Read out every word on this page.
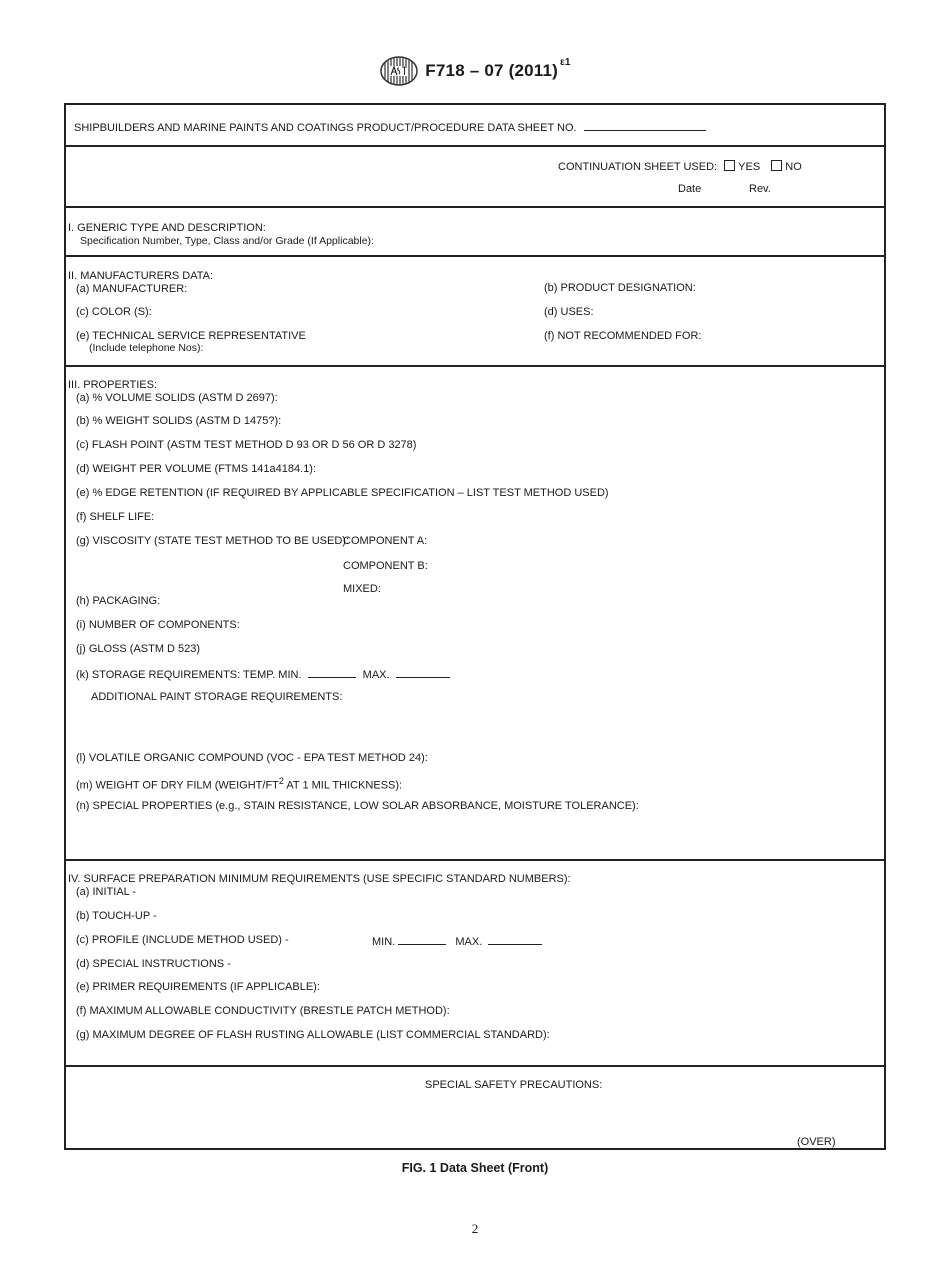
F718 – 07 (2011) $^{\varepsilon 1}$
SHIPBUILDERS AND MARINE PAINTS AND COATINGS PRODUCT/PROCEDURE DATA SHEET NO.
CONTINUATION SHEET USED: YES NO
Date	Rev.
I. GENERIC TYPE AND DESCRIPTION:
Specification Number, Type, Class and/or Grade (If Applicable):
II. MANUFACTURERS DATA:
(a) MANUFACTURER:	(b) PRODUCT DESIGNATION:
(c) COLOR (S):	(d) USES:
(e) TECHNICAL SERVICE REPRESENTATIVE
(Include telephone Nos):
(f) NOT RECOMMENDED FOR:
III. PROPERTIES:
(a) % VOLUME SOLIDS (ASTM D 2697):
(b) % WEIGHT SOLIDS (ASTM D 1475?):
(c) FLASH POINT (ASTM TEST METHOD D 93 OR D 56 OR D 3278)
(d) WEIGHT PER VOLUME (FTMS 141a4184.1):
(e) % EDGE RETENTION (IF REQUIRED BY APPLICABLE SPECIFICATION – LIST TEST METHOD USED)
(f) SHELF LIFE:
(g) VISCOSITY (STATE TEST METHOD TO BE USED):
COMPONENT A:
COMPONENT B:
MIXED:
(h) PACKAGING:
(i) NUMBER OF COMPONENTS:
(j) GLOSS (ASTM D 523)
(k) STORAGE REQUIREMENTS: TEMP. MIN.	MAX.
ADDITIONAL PAINT STORAGE REQUIREMENTS:
(l) VOLATILE ORGANIC COMPOUND (VOC - EPA TEST METHOD 24):
(m) WEIGHT OF DRY FILM ($WEIGHT/FT^2$ AT 1 MIL THICKNESS):
(n) SPECIAL PROPERTIES (e.g., STAIN RESISTANCE, LOW SOLAR ABSORBANCE, MOISTURE TOLERANCE):
IV. SURFACE PREPARATION MINIMUM REQUIREMENTS (USE SPECIFIC STANDARD NUMBERS):
(a) INITIAL -
(b) TOUCH-UP -
(c) PROFILE (INCLUDE METHOD USED) -	MIN.	MAX.
(d) SPECIAL INSTRUCTIONS -
(e) PRIMER REQUIREMENTS (IF APPLICABLE):
(f) MAXIMUM ALLOWABLE CONDUCTIVITY (BRESTLE PATCH METHOD):
(g) MAXIMUM DEGREE OF FLASH RUSTING ALLOWABLE (LIST COMMERCIAL STANDARD):
SPECIAL SAFETY PRECAUTIONS:
(OVER)
FIG. 1 Data Sheet (Front)
2
